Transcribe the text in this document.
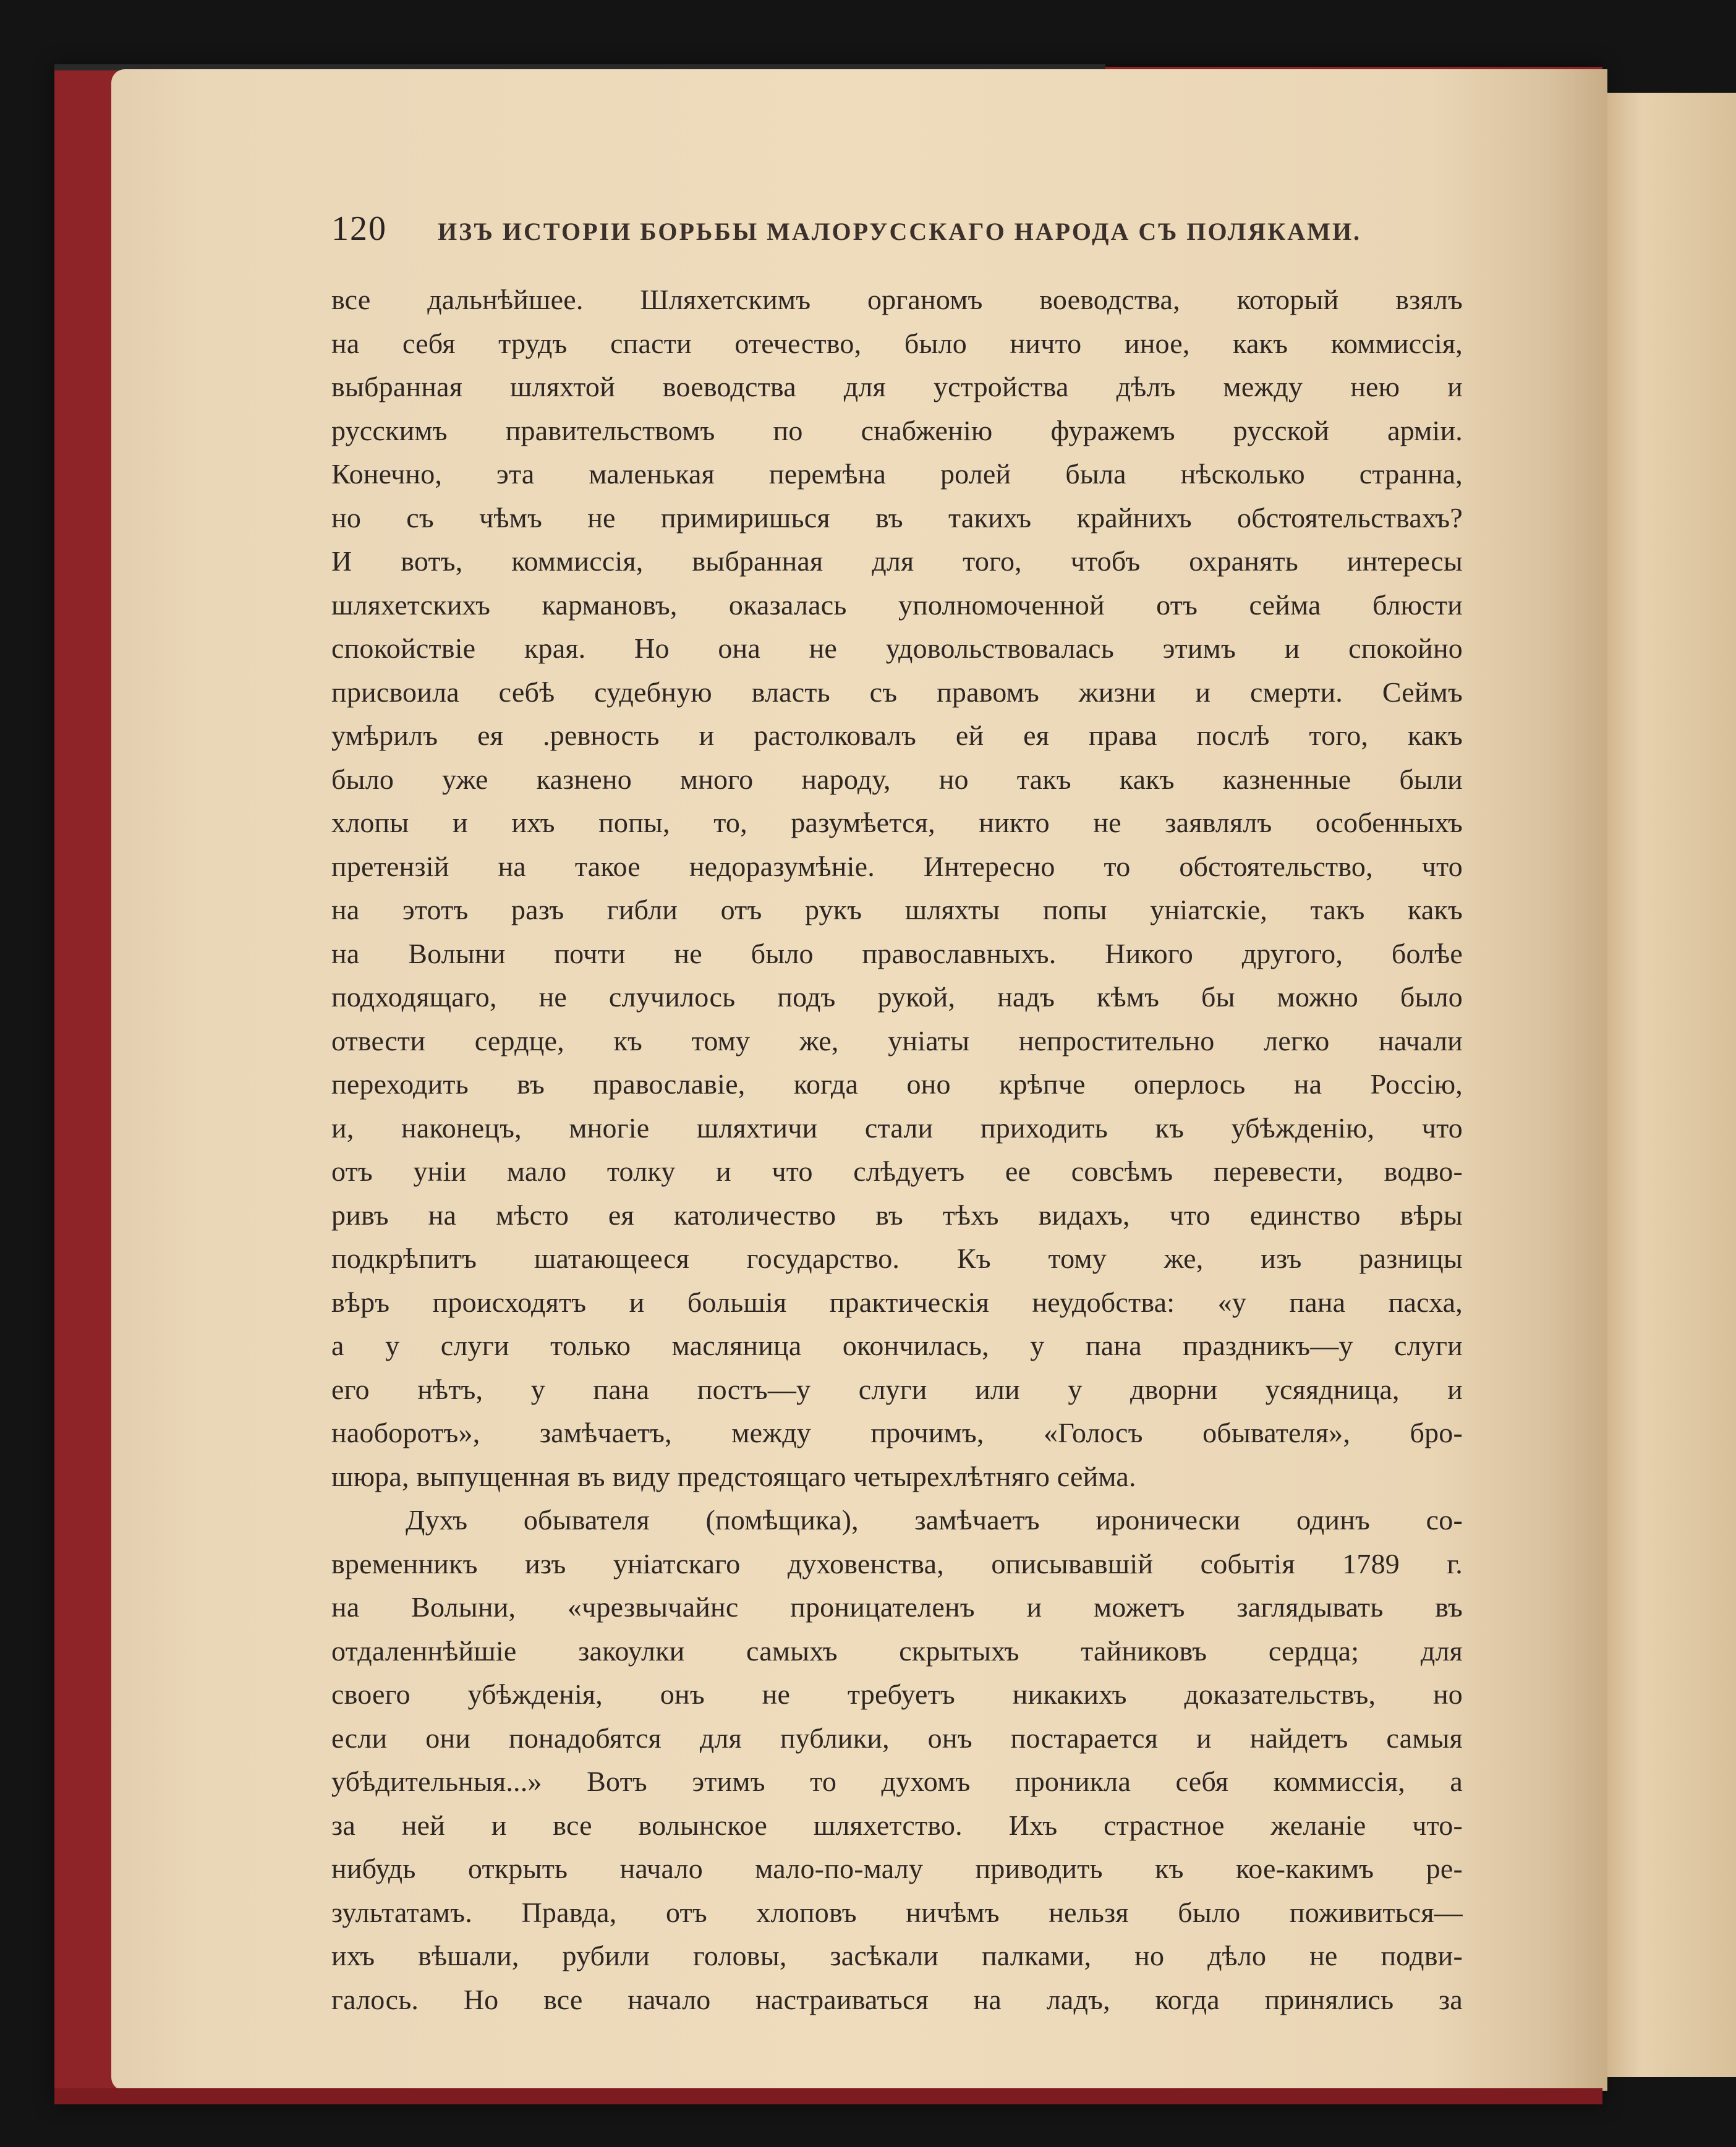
120 ИЗЪ ИСТОРІИ БОРЬБЫ МАЛОРУССКАГО НАРОДА СЪ ПОЛЯКАМИ.
все дальнѣйшее. Шляхетскимъ органомъ воеводства, который взялъ
на себя трудъ спасти отечество, было ничто иное, какъ коммиссія,
выбранная шляхтой воеводства для устройства дѣлъ между нею и
русскимъ правительствомъ по снабженію фуражемъ русской арміи.
Конечно, эта маленькая перемѣна ролей была нѣсколько странна,
но съ чѣмъ не примиришься въ такихъ крайнихъ обстоятельствахъ?
И вотъ, коммиссія, выбранная для того, чтобъ охранять интересы
шляхетскихъ кармановъ, оказалась уполномоченной отъ сейма блюсти
спокойствіе края. Но она не удовольствовалась этимъ и спокойно
присвоила себѣ судебную власть съ правомъ жизни и смерти. Сеймъ
умѣрилъ ея .ревность и растолковалъ ей ея права послѣ того, какъ
было уже казнено много народу, но такъ какъ казненные были
хлопы и ихъ попы, то, разумѣется, никто не заявлялъ особенныхъ
претензій на такое недоразумѣніе. Интересно то обстоятельство, что
на этотъ разъ гибли отъ рукъ шляхты попы уніатскіе, такъ какъ
на Волыни почти не было православныхъ. Никого другого, болѣе
подходящаго, не случилось подъ рукой, надъ кѣмъ бы можно было
отвести сердце, къ тому же, уніаты непростительно легко начали
переходить въ православіе, когда оно крѣпче оперлось на Россію,
и, наконецъ, многіе шляхтичи стали приходить къ убѣжденію, что
отъ уніи мало толку и что слѣдуетъ ее совсѣмъ перевести, водво-
ривъ на мѣсто ея католичество въ тѣхъ видахъ, что единство вѣры
подкрѣпитъ шатающееся государство. Къ тому же, изъ разницы
вѣръ происходятъ и большія практическія неудобства: «у пана пасха,
а у слуги только масляница окончилась, у пана праздникъ—у слуги
его нѣтъ, у пана постъ—у слуги или у дворни усяядница, и
наоборотъ», замѣчаетъ, между прочимъ, «Голосъ обывателя», бро-
шюра, выпущенная въ виду предстоящаго четырехлѣтняго сейма.
Духъ обывателя (помѣщика), замѣчаетъ иронически одинъ со-
временникъ изъ уніатскаго духовенства, описывавшій событія 1789 г.
на Волыни, «чрезвычайнс проницателенъ и можетъ заглядывать въ
отдаленнѣйшіе закоулки самыхъ скрытыхъ тайниковъ сердца; для
своего убѣжденія, онъ не требуетъ никакихъ доказательствъ, но
если они понадобятся для публики, онъ постарается и найдетъ самыя
убѣдительныя...» Вотъ этимъ то духомъ проникла себя коммиссія, а
за ней и все волынское шляхетство. Ихъ страстное желаніе что-
нибудь открыть начало мало-по-малу приводить къ кое-какимъ ре-
зультатамъ. Правда, отъ хлоповъ ничѣмъ нельзя было поживиться—
ихъ вѣшали, рубили головы, засѣкали палками, но дѣло не подви-
галось. Но все начало настраиваться на ладъ, когда принялись за
